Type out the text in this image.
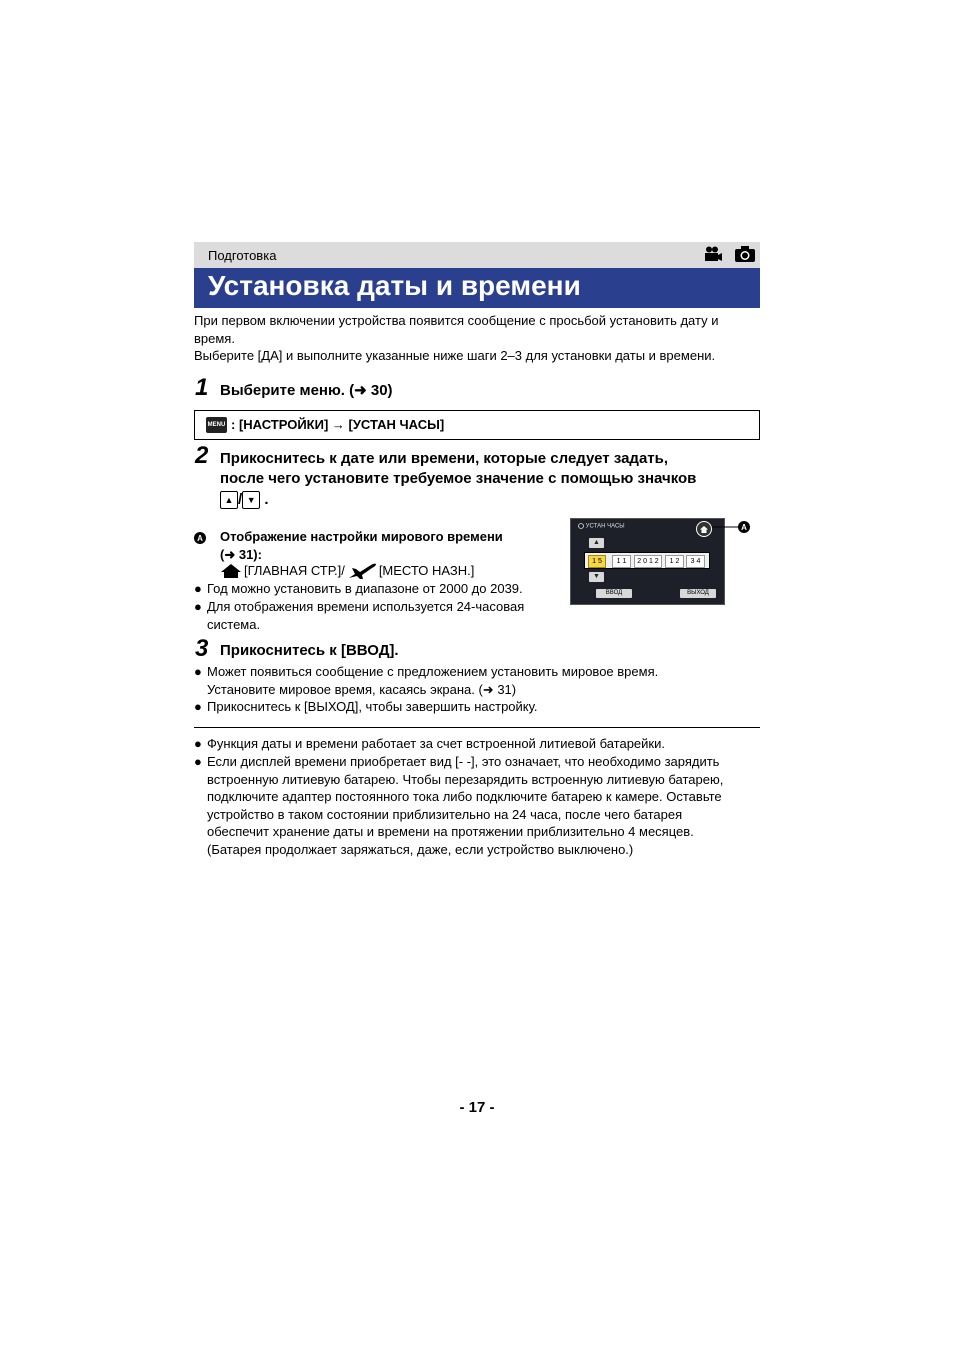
Подготовка
Установка даты и времени

При первом включении устройства появится сообщение с просьбой установить дату и

время.

Выберите [ДА] и выполните указанные ниже шаги 2–3 для установки даты и времени.

1 Выберите меню. (➜ 30)
MENU : [НАСТРОЙКИ] → [УСТАН ЧАСЫ]
2 Прикоснитесь к дате или времени, которые следует задать,
после чего установите требуемое значение с помощью значков
▲ / ▼ .
A Отображение настройки мирового времени
(➜ 31):
[ГЛАВНАЯ СТР.]/	[МЕСТО НАЗН.]
● Год можно установить в диапазоне от 2000 до 2039.
● Для отображения времени используется 24-часовая
система.
УСТАН ЧАСЫ
▲
1 5	1 1	2 0 1 2	1 2	3 4
▼
ВВОД	ВЫХОД
A
3 Прикоснитесь к [ВВОД].
● Может появиться сообщение с предложением установить мировое время.
Установите мировое время, касаясь экрана. (➜ 31)
● Прикоснитесь к [ВЫХОД], чтобы завершить настройку.
● Функция даты и времени работает за счет встроенной литиевой батарейки.
● Если дисплей времени приобретает вид [- -], это означает, что необходимо зарядить
встроенную литиевую батарею. Чтобы перезарядить встроенную литиевую батарею,
подключите адаптер постоянного тока либо подключите батарею к камере. Оставьте
устройство в таком состоянии приблизительно на 24 часа, после чего батарея
обеспечит хранение даты и времени на протяжении приблизительно 4 месяцев.
(Батарея продолжает заряжаться, даже, если устройство выключено.)
- 17 -
